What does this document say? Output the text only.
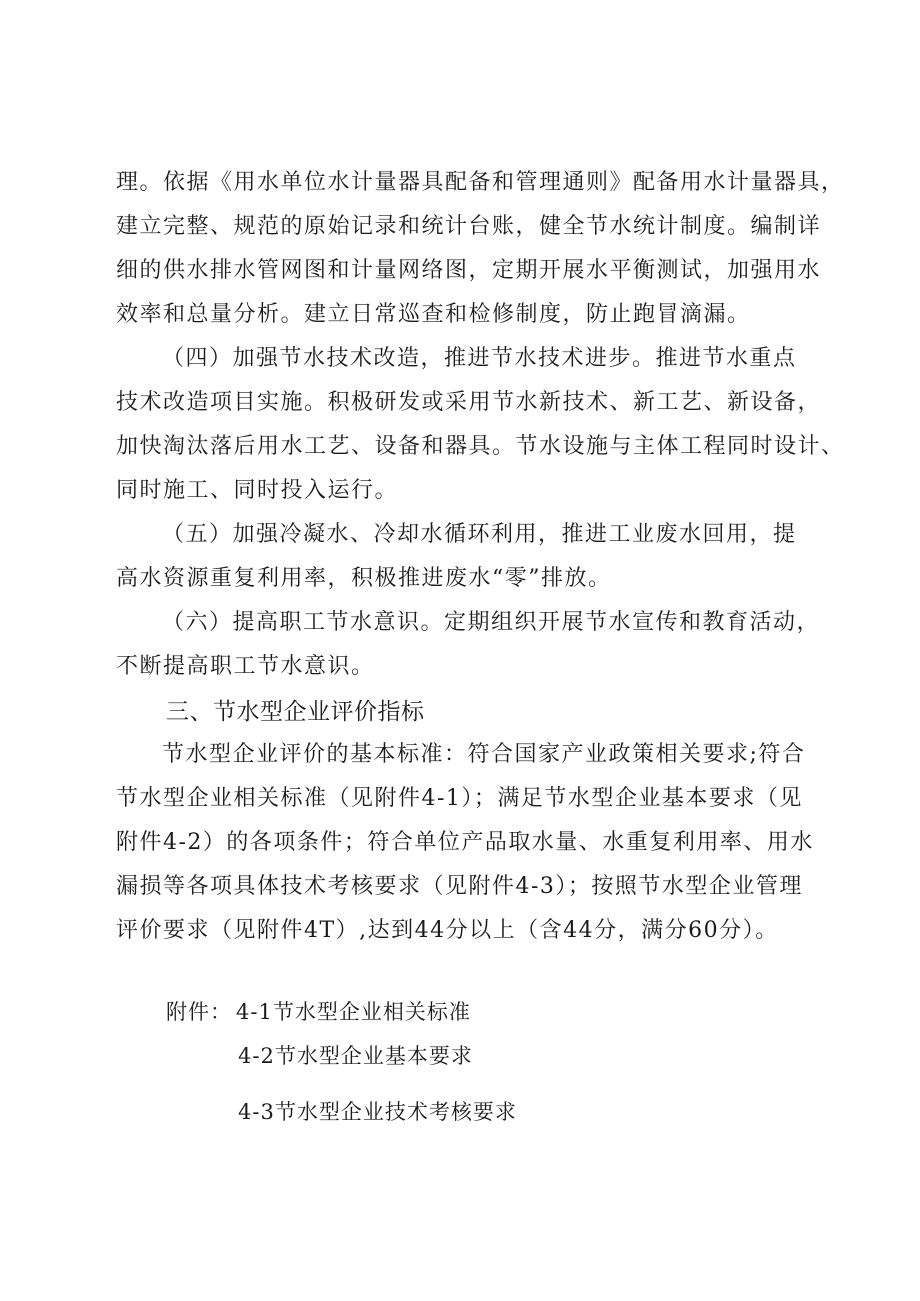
理。依据《用水单位水计量器具配备和管理通则》配备用水计量器具，
建立完整、规范的原始记录和统计台账，健全节水统计制度。编制详
细的供水排水管网图和计量网络图，定期开展水平衡测试，加强用水
效率和总量分析。建立日常巡查和检修制度，防止跑冒滴漏。
（四）加强节水技术改造，推进节水技术进步。推进节水重点
技术改造项目实施。积极研发或采用节水新技术、新工艺、新设备，
加快淘汰落后用水工艺、设备和器具。节水设施与主体工程同时设计、
同时施工、同时投入运行。
（五）加强冷凝水、冷却水循环利用，推进工业废水回用，提
高水资源重复利用率，积极推进废水“零”排放。
（六）提高职工节水意识。定期组织开展节水宣传和教育活动，
不断提高职工节水意识。
三、节水型企业评价指标
节水型企业评价的基本标准：符合国家产业政策相关要求;符合
节水型企业相关标准（见附件4-1）；满足节水型企业基本要求（见
附件4-2）的各项条件；符合单位产品取水量、水重复利用率、用水
漏损等各项具体技术考核要求（见附件4-3）；按照节水型企业管理
评价要求（见附件4T）,达到44分以上（含44分，满分60分）。
附件： 4-1节水型企业相关标准
4-2节水型企业基本要求
4-3节水型企业技术考核要求
